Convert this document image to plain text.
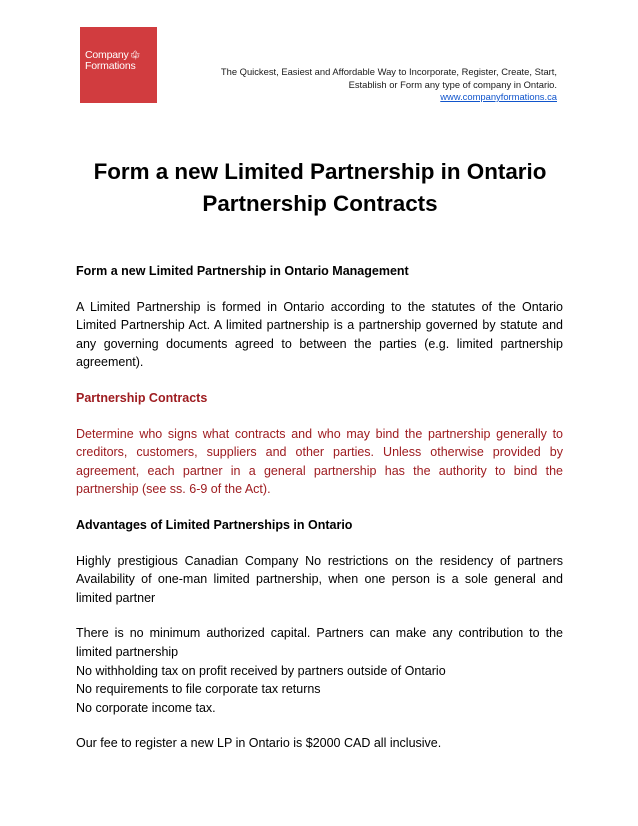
Company🍁︎
Formations	The Quickest, Easiest and Affordable Way to Incorporate, Register, Create, Start,
Establish or Form any type of company in Ontario.
www.companyformations.ca
Form a new Limited Partnership in Ontario
Partnership Contracts

Form a new Limited Partnership in Ontario Management

A Limited Partnership is formed in Ontario according to the statutes of the Ontario Limited Partnership Act. A limited partnership is a partnership governed by statute and any governing documents agreed to between the parties (e.g. limited partnership agreement).

Partnership Contracts

Determine who signs what contracts and who may bind the partnership generally to creditors, customers, suppliers and other parties. Unless otherwise provided by agreement, each partner in a general partnership has the authority to bind the partnership (see ss. 6-9 of the Act).

Advantages of Limited Partnerships in Ontario

Highly prestigious Canadian Company No restrictions on the residency of partners Availability of one-man limited partnership, when one person is a sole general and limited partner

There is no minimum authorized capital. Partners can make any contribution to the limited partnership

No withholding tax on profit received by partners outside of Ontario

No requirements to file corporate tax returns

No corporate income tax.

Our fee to register a new LP in Ontario is $2000 CAD all inclusive.
